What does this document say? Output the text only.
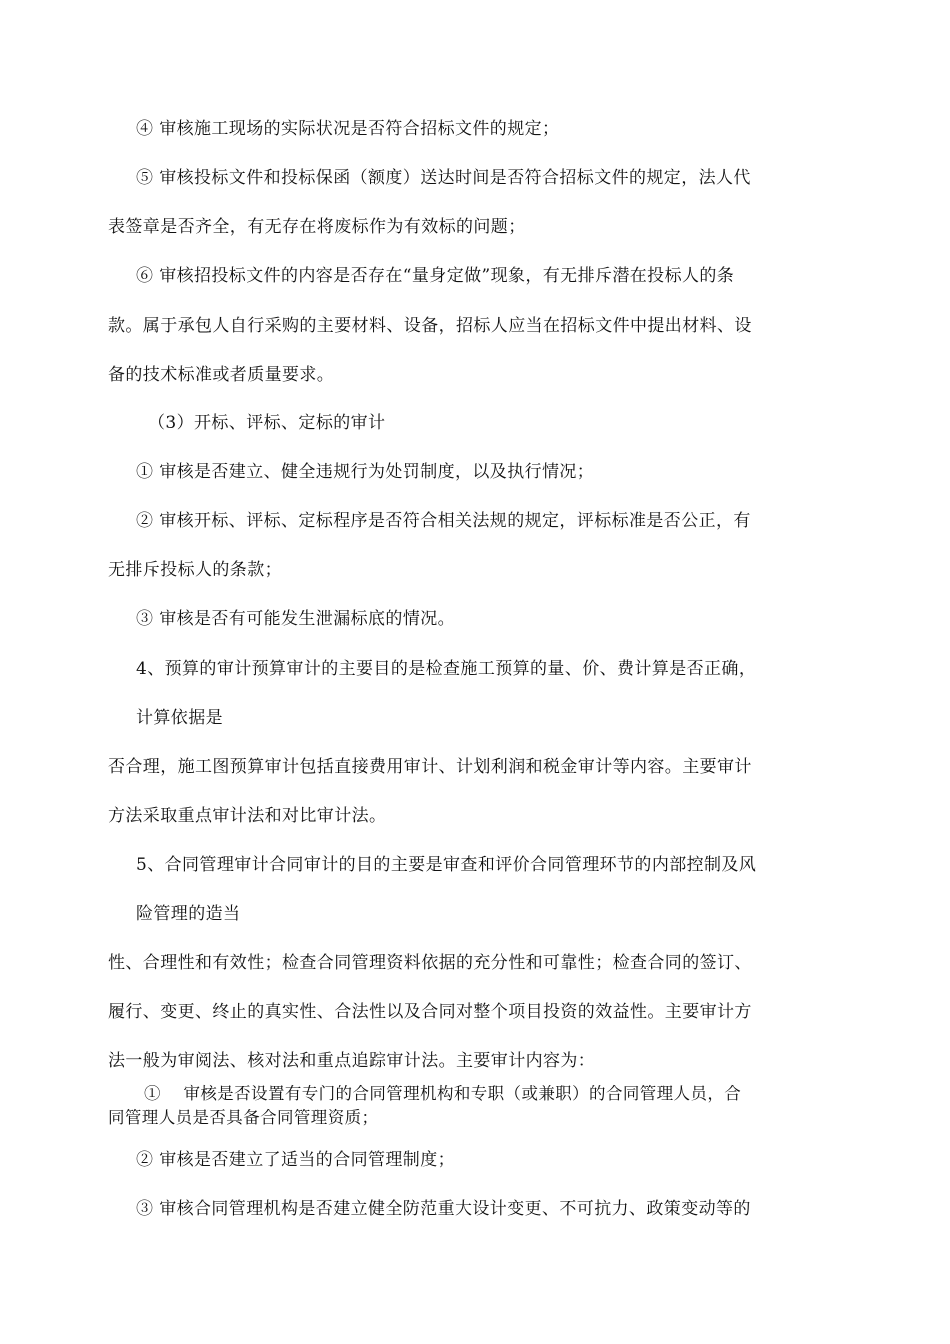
④ 审核施工现场的实际状况是否符合招标文件的规定；
⑤ 审核投标文件和投标保函（额度）送达时间是否符合招标文件的规定，法人代
表签章是否齐全，有无存在将废标作为有效标的问题；
⑥ 审核招投标文件的内容是否存在“量身定做”现象，有无排斥潜在投标人的条
款。属于承包人自行采购的主要材料、设备，招标人应当在招标文件中提出材料、设
备的技术标准或者质量要求。
（3）开标、评标、定标的审计
① 审核是否建立、健全违规行为处罚制度，以及执行情况；
② 审核开标、评标、定标程序是否符合相关法规的规定，评标标准是否公正，有
无排斥投标人的条款；
③ 审核是否有可能发生泄漏标底的情况。
4、预算的审计预算审计的主要目的是检查施工预算的量、价、费计算是否正确，
计算依据是
否合理，施工图预算审计包括直接费用审计、计划利润和税金审计等内容。主要审计
方法采取重点审计法和对比审计法。
5、合同管理审计合同审计的目的主要是审查和评价合同管理环节的内部控制及风
险管理的造当
性、合理性和有效性；检查合同管理资料依据的充分性和可靠性；检查合同的签订、
履行、变更、终止的真实性、合法性以及合同对整个项目投资的效益性。主要审计方
法一般为审阅法、核对法和重点追踪审计法。主要审计内容为：
①　 审核是否设置有专门的合同管理机构和专职（或兼职）的合同管理人员，合
同管理人员是否具备合同管理资质；
② 审核是否建立了适当的合同管理制度；
③ 审核合同管理机构是否建立健全防范重大设计变更、不可抗力、政策变动等的
